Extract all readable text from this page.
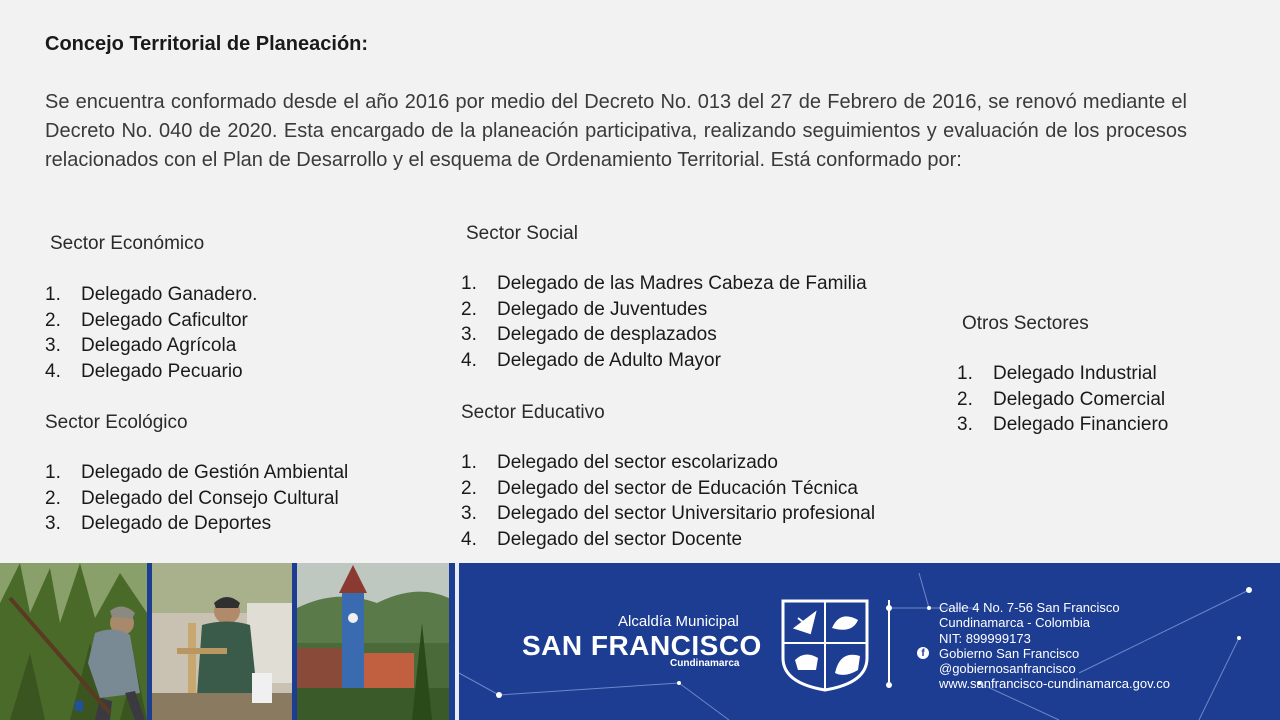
Concejo Territorial de Planeación:
Se encuentra conformado desde el año 2016 por medio del Decreto No. 013 del 27 de Febrero de 2016, se renovó mediante el Decreto No. 040 de 2020. Esta encargado de la planeación participativa, realizando seguimientos y evaluación de los procesos relacionados con el Plan de Desarrollo y el esquema de Ordenamiento Territorial. Está conformado por:
Sector Económico
1. Delegado Ganadero.
2. Delegado Caficultor
3. Delegado Agrícola
4. Delegado Pecuario
Sector Ecológico
1. Delegado de Gestión Ambiental
2. Delegado del Consejo Cultural
3. Delegado de Deportes
Sector Social
1. Delegado de las Madres Cabeza de Familia
2. Delegado de Juventudes
3. Delegado de desplazados
4. Delegado de Adulto Mayor
Sector Educativo
1. Delegado del sector escolarizado
2. Delegado del sector de Educación Técnica
3. Delegado del sector Universitario profesional
4. Delegado del sector Docente
Otros Sectores
1. Delegado Industrial
2. Delegado Comercial
3. Delegado Financiero
Alcaldía Municipal
SAN FRANCISCO
Cundinamarca
Calle 4 No. 7-56 San Francisco
Cundinamarca - Colombia
NIT: 899999173
f	Gobierno San Francisco
@gobiernosanfrancisco
www.sanfrancisco-cundinamarca.gov.co
